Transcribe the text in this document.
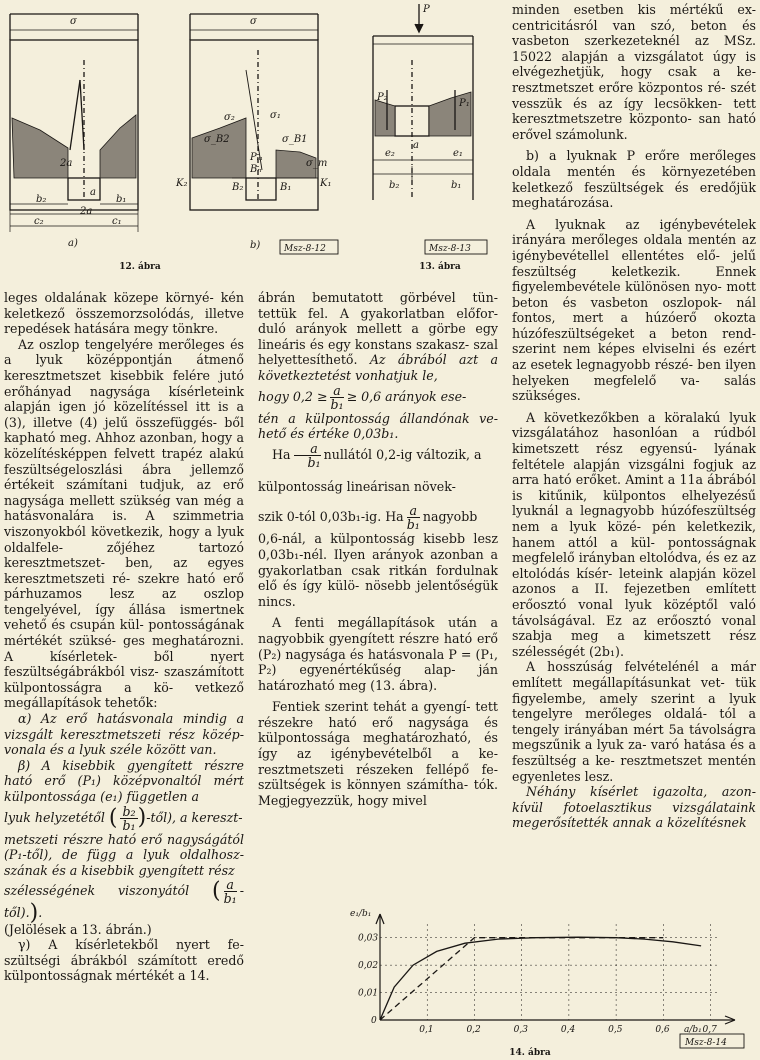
σ	σ
a)	b)
b₂	b₁
c₂	c₁
2a
a
K₂	K₁
Bₙ
B₂	B₁
σ_B2	σ_B1
σ_m
Pₘ
σ₂	σ₁
2a
Msz-8-12
12. ábra
P
P₂
P₁
e₂	e₁
b₂	b₁
a
Msz-8-13
13. ábra

leges oldalának közepe környé- kén keletkező összemorzsolódás, illetve repedések hatására megy tönkre.

Az oszlop tengelyére merőleges és a lyuk középpontján átmenő keresztmetszet kisebbik felére jutó erőhányad nagysága kísérleteink alapján igen jó közelítéssel itt is a (3), illetve (4) jelű összefüggés- ből kapható meg. Ahhoz azonban, hogy a közelítésképpen felvett trapéz alakú feszültségeloszlási ábra jellemző értékeit számítani tudjuk, az erő nagysága mellett szükség van még a hatásvonalára is. A szimmetria viszonyokból következik, hogy a lyuk oldalfele- zőjéhez tartozó keresztmetszet- ben, az egyes keresztmetszeti ré- szekre ható erő párhuzamos lesz az oszlop tengelyével, így állása ismertnek vehető és csupán kül- pontosságának mértékét szüksé- ges meghatározni. A kísérletek- ből nyert feszültségábrákból visz- szaszámított külpontosságra a kö- vetkező megállapítások tehetők:

α) Az erő hatásvonala mindig a vizsgált keresztmetszeti rész közép- vonala és a lyuk széle között van.

β) A kisebbik gyengített részre ható erő (P₁) középvonaltól mért külpontossága (e₁) független a

lyuk helyzetétől ( $\frac{\text{b₂}}{\text{b₁}}$ )-től), a kereszt-

metszeti részre ható erő nagyságától (P₁-től), de függ a lyuk oldalhosz- szának és a kisebbik gyengített rész

szélességének viszonyától ( $\frac{a}{\text{b₁}}$ -től).).

(Jelölések a 13. ábrán.)

γ) A kísérletekből nyert fe- szültségi ábrákból számított eredő külpontosságnak mértékét a 14.

ábrán bemutatott görbével tün- tettük fel. A gyakorlatban előfor- duló arányok mellett a görbe egy lineáris és egy konstans szakasz- szal helyettesíthető. Az ábrából azt a következtetést vonhatjuk le,

hogy $0,2 \ge \frac{a}{\text{b₁}} \ge 0,6$ arányok ese-

tén a külpontosság állandónak ve- hető és értéke 0,03b₁.

Ha $\frac{a}{\text{b₁}}$ nullától 0,2-ig változik, a

külpontosság lineárisan növek-

szik 0-tól 0,03b₁-ig. Ha $\frac{a}{\text{b₁}}$ nagyobb

0,6-nál, a külpontosság kisebb lesz 0,03b₁-nél. Ilyen arányok azonban a gyakorlatban csak ritkán fordulnak elő és így külö- nösebb jelentőségük nincs.

A fenti megállapítások után a nagyobbik gyengített részre ható erő (P₂) nagysága és hatásvonala P = (P₁, P₂) egyenértékűség alap- ján határozható meg (13. ábra).

Fentiek szerint tehát a gyengí- tett részekre ható erő nagysága és külpontossága meghatározható, és így az igénybevételből a ke- resztmetszeti részeken fellépő fe- szültségek is könnyen számítha- tók. Megjegyezzük, hogy mivel

minden esetben kis mértékű ex- centricitásról van szó, beton és vasbeton szerkezeteknél az MSz. 15022 alapján a vizsgálatot úgy is elvégezhetjük, hogy csak a ke- resztmetszet erőre központos ré- szét vesszük és az így lecsökken- tett keresztmetszetre központo- san ható erővel számolunk.

b) a lyuknak P erőre merőleges oldala mentén és környezetében keletkező feszültségek és eredőjük meghatározása.

A lyuknak az igénybevételek irányára merőleges oldala mentén az igénybevétellel ellentétes elő- jelű feszültség keletkezik. Ennek figyelembevétele különösen nyo- mott beton és vasbeton oszlopok- nál fontos, mert a húzóerő okozta húzófeszültségeket a beton rend- szerint nem képes elviselni és ezért az esetek legnagyobb részé- ben ilyen helyeken megfelelő va- salás szükséges.

A következőkben a köralakú lyuk vizsgálatához hasonlóan a rúdból kimetszett rész egyensú- lyának feltétele alapján vizsgálni fogjuk az arra ható erőket. Amint a 11a ábrából is kitűnik, külpontos elhelyezésű lyuknál a legnagyobb húzófeszültség nem a lyuk közé- pén keletkezik, hanem attól a kül- pontosságnak megfelelő irányban eltolódva, és ez az eltolódás kísér- leteink alapján közel azonos a II. fejezetben említett erőosztó vonal lyuk középtől való távolságával. Ez az erőosztó vonal szabja meg a kimetszett rész szélességét (2b₁).

A hosszúság felvételénél a már említett megállapításunkat vet- tük figyelembe, amely szerint a lyuk tengelyre merőleges oldalá- tól a tengely irányában mért 5a távolságra megszűnik a lyuk za- varó hatása és a feszültség a ke- resztmetszet mentén egyenletes lesz.

Néhány kísérlet igazolta, azon- kívül fotoelasztikus vizsgálataink megerősítették annak a közelítésnek

0,1	0,2	0,3	0,4	0,5	0,6	0,7
0,03
0,02
0,01
0
e₁/b₁
a/b₁
Msz-8-14
14. ábra
